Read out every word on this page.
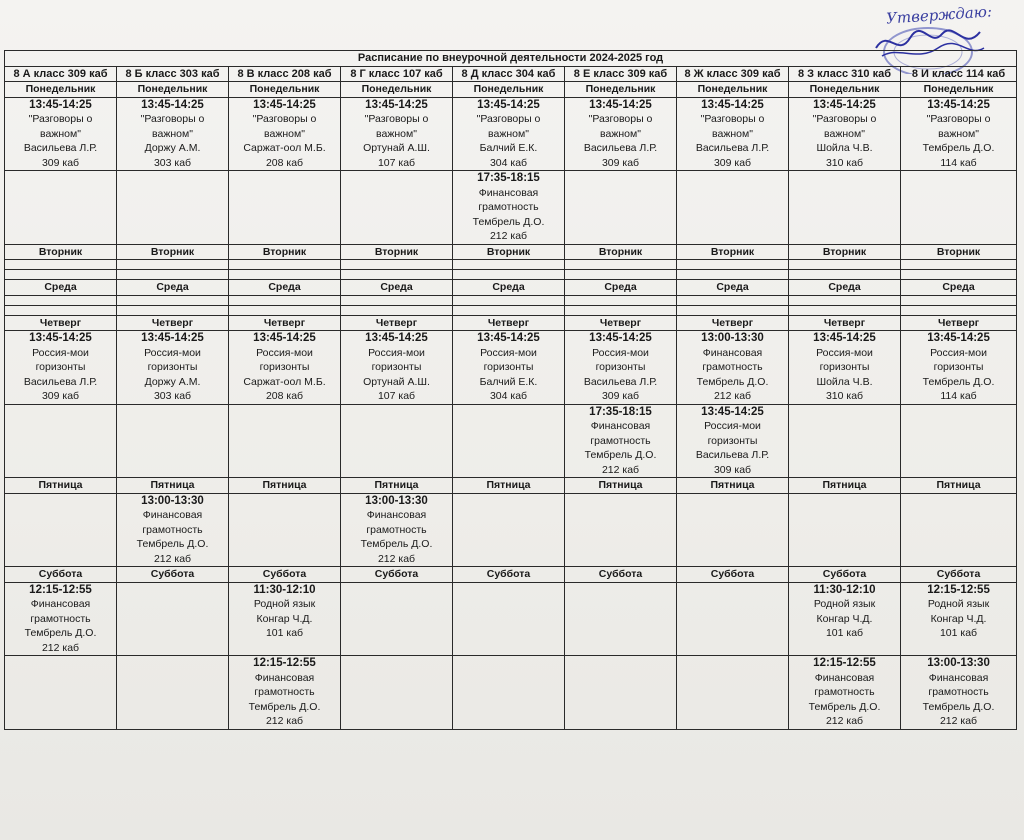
Утверждаю:
Расписание по внеурочной деятельности 2024-2025 год								
8 А класс 309 каб	8 Б класс 303 каб	8 В класс 208 каб	8 Г класс 107 каб	8 Д класс 304 каб	8 Е класс 309 каб	8 Ж класс 309 каб	8 З класс 310 каб	8 И класс 114 каб
Понедельник	Понедельник	Понедельник	Понедельник	Понедельник	Понедельник	Понедельник	Понедельник	Понедельник

13:45-14:25
"Разговоры о
важном"
Васильева Л.Р.
309 каб	13:45-14:25
"Разговоры о
важном"
Доржу А.М.
303 каб	13:45-14:25
"Разговоры о
важном"
Саржат-оол М.Б.
208 каб	13:45-14:25
"Разговоры о
важном"
Ортунай А.Ш.
107 каб	13:45-14:25
"Разговоры о
важном"
Балчий Е.К.
304 каб	13:45-14:25
"Разговоры о
важном"
Васильева Л.Р.
309 каб	13:45-14:25
"Разговоры о
важном"
Васильева Л.Р.
309 каб	13:45-14:25
"Разговоры о
важном"
Шойла Ч.В.
310 каб	13:45-14:25
"Разговоры о
важном"
Тембрель Д.О.
114 каб

				17:35-18:15
Финансовая
грамотность
Тембрель Д.О.
212 каб				

Вторник	Вторник	Вторник	Вторник	Вторник	Вторник	Вторник	Вторник	Вторник

Среда	Среда	Среда	Среда	Среда	Среда	Среда	Среда	Среда

Четверг	Четверг	Четверг	Четверг	Четверг	Четверг	Четверг	Четверг	Четверг

13:45-14:25
Россия-мои
горизонты
Васильева Л.Р.
309 каб	13:45-14:25
Россия-мои
горизонты
Доржу А.М.
303 каб	13:45-14:25
Россия-мои
горизонты
Саржат-оол М.Б.
208 каб	13:45-14:25
Россия-мои
горизонты
Ортунай А.Ш.
107 каб	13:45-14:25
Россия-мои
горизонты
Балчий Е.К.
304 каб	13:45-14:25
Россия-мои
горизонты
Васильева Л.Р.
309 каб	13:00-13:30
Финансовая
грамотность
Тембрель Д.О.
212 каб	13:45-14:25
Россия-мои
горизонты
Шойла Ч.В.
310 каб	13:45-14:25
Россия-мои
горизонты
Тембрель Д.О.
114 каб

					17:35-18:15
Финансовая
грамотность
Тембрель Д.О.
212 каб	13:45-14:25
Россия-мои
горизонты
Васильева Л.Р.
309 каб		

Пятница	Пятница	Пятница	Пятница	Пятница	Пятница	Пятница	Пятница	Пятница

	13:00-13:30
Финансовая
грамотность
Тембрель Д.О.
212 каб		13:00-13:30
Финансовая
грамотность
Тембрель Д.О.
212 каб					

Суббота	Суббота	Суббота	Суббота	Суббота	Суббота	Суббота	Суббота	Суббота

12:15-12:55
Финансовая
грамотность
Тембрель Д.О.
212 каб		11:30-12:10
Родной язык
Конгар Ч.Д.
101 каб					11:30-12:10
Родной язык
Конгар Ч.Д.
101 каб	12:15-12:55
Родной язык
Конгар Ч.Д.
101 каб

		12:15-12:55
Финансовая
грамотность
Тембрель Д.О.
212 каб					12:15-12:55
Финансовая
грамотность
Тембрель Д.О.
212 каб	13:00-13:30
Финансовая
грамотность
Тембрель Д.О.
212 каб
